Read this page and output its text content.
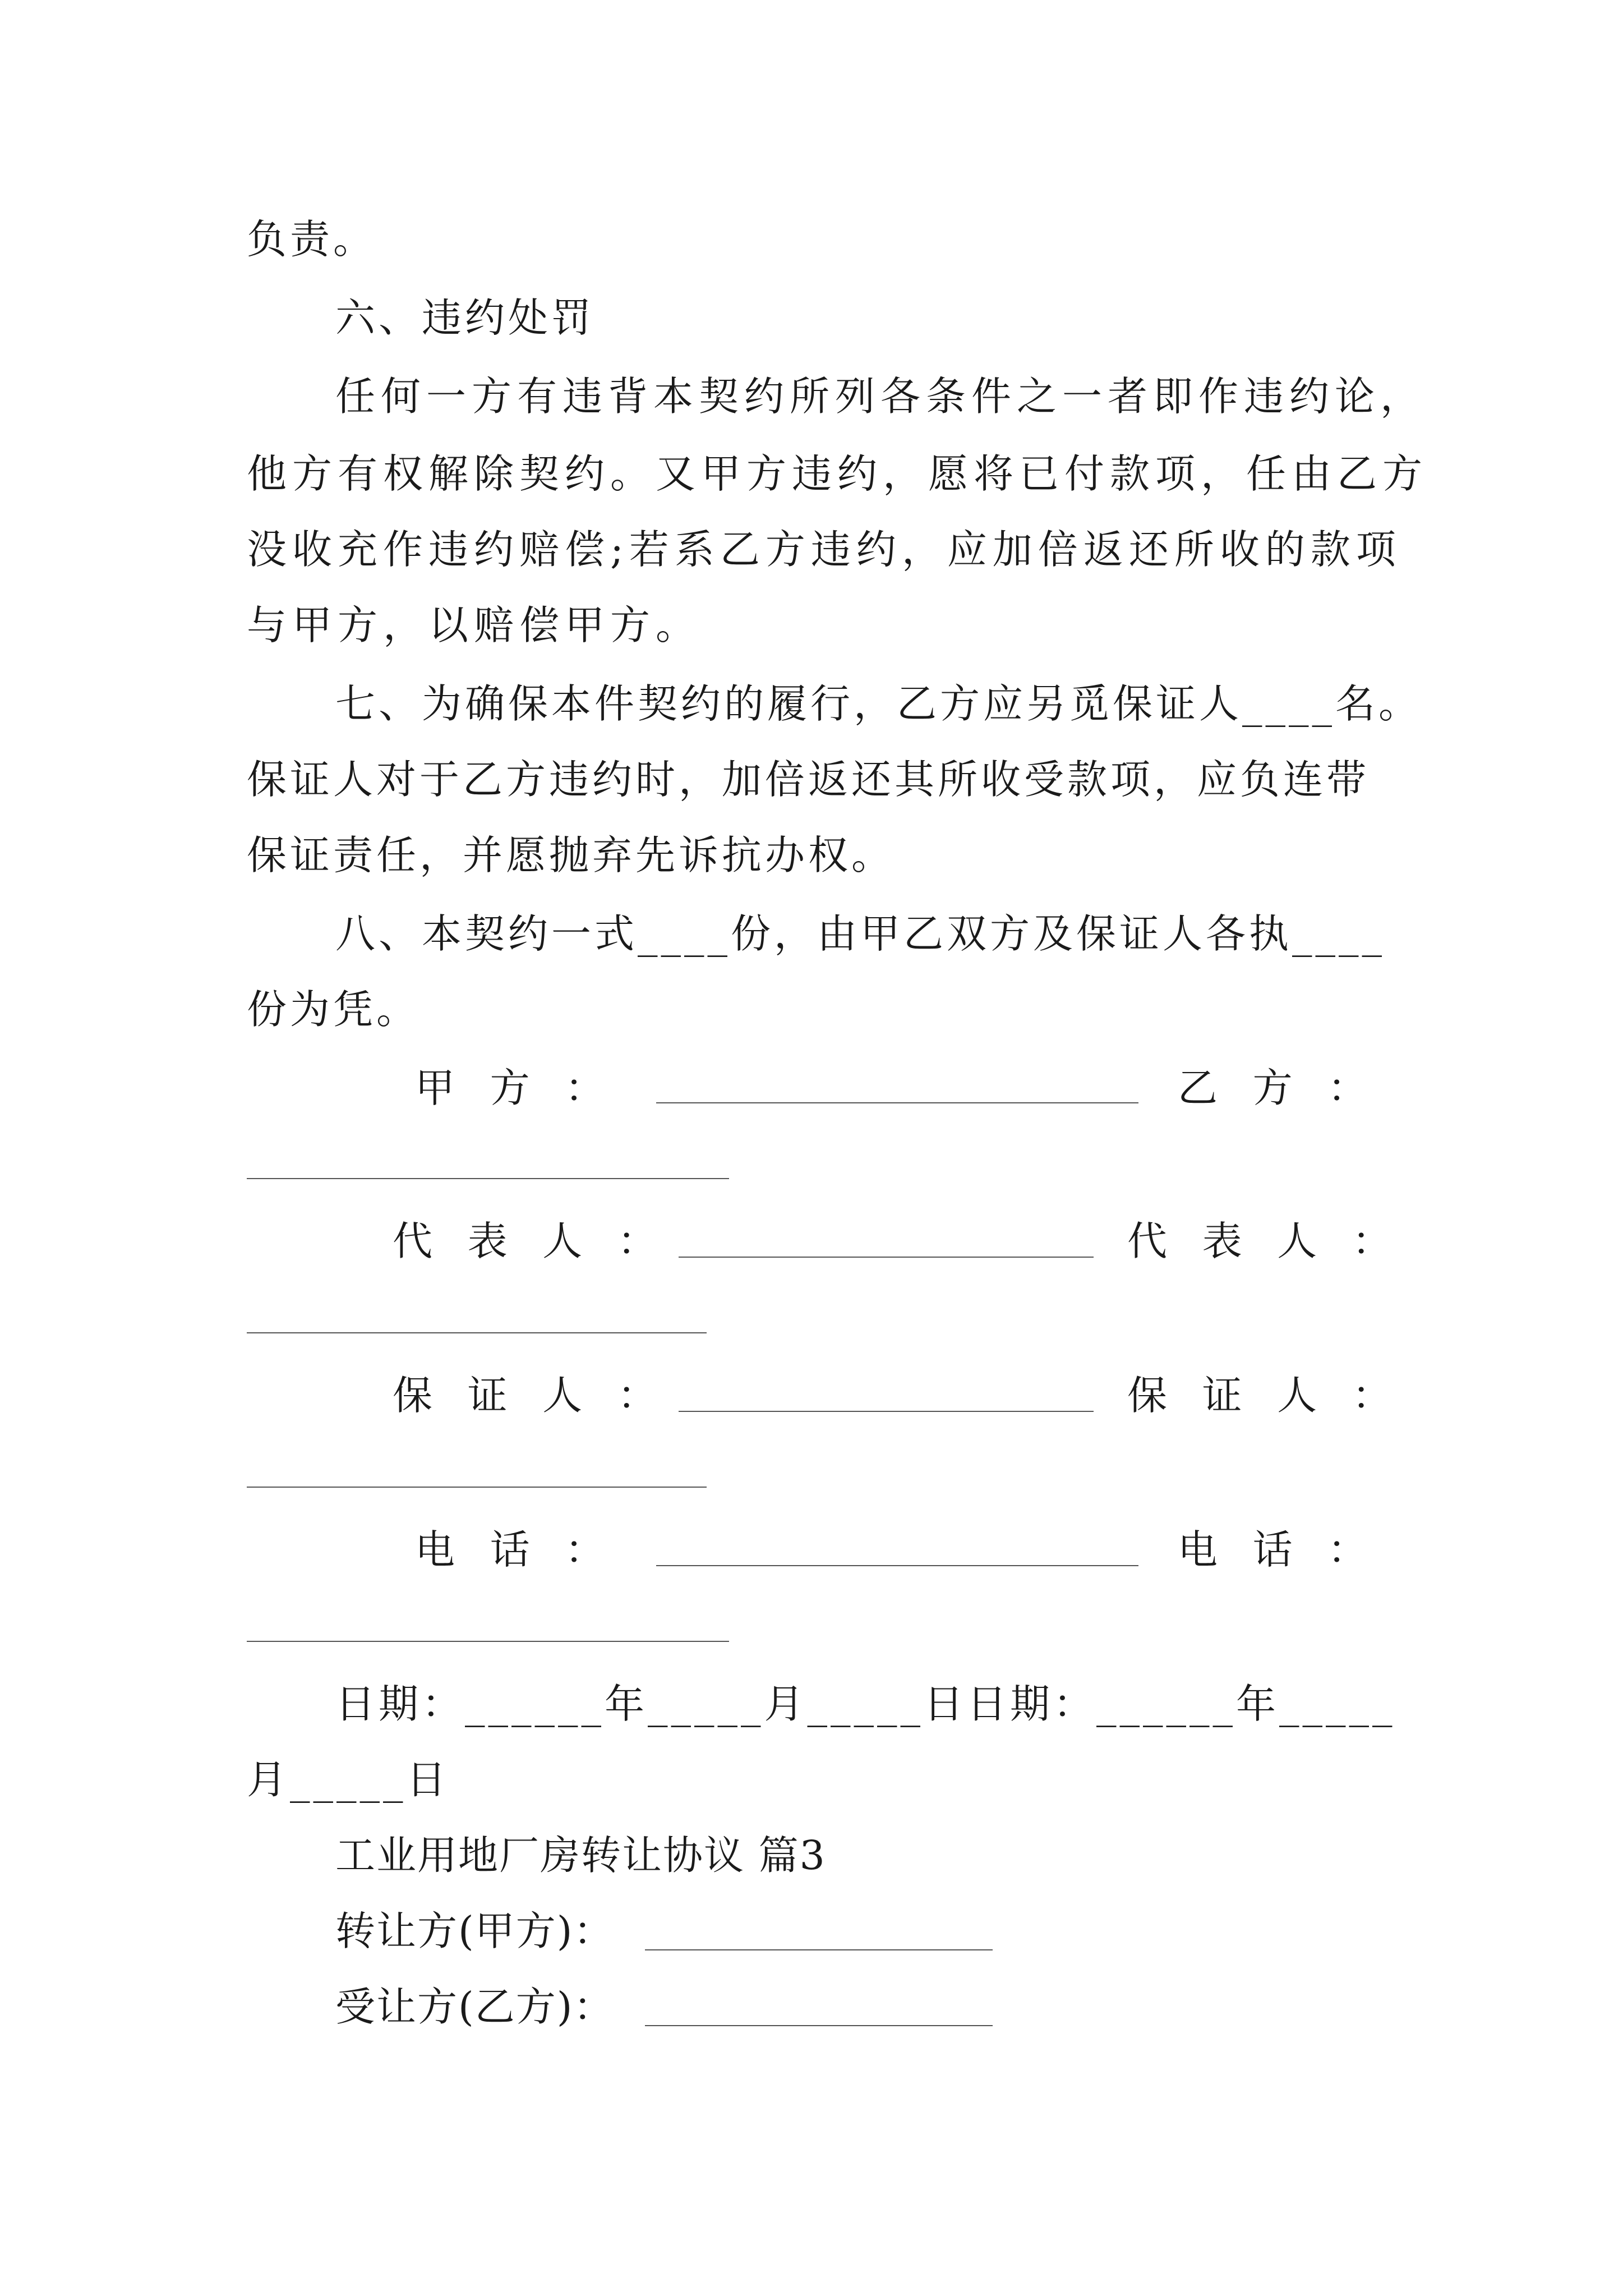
负责。

六、违约处罚

任何一方有违背本契约所列各条件之一者即作违约论，

他方有权解除契约。又甲方违约，愿将已付款项，任由乙方

没收充作违约赔偿;若系乙方违约，应加倍返还所收的款项

与甲方，以赔偿甲方。

七、为确保本件契约的履行，乙方应另觅保证人____名。

保证人对于乙方违约时，加倍返还其所收受款项，应负连带

保证责任，并愿抛弃先诉抗办权。

八、本契约一式____份，由甲乙双方及保证人各执____

份为凭。

甲 方 ：	乙 方 ：
代 表 人 ：	代 表 人 ：
保 证 人 ：	保 证 人 ：
电 话 ：	电 话 ：

日期：______年_____月_____日日期：______年_____

月_____日

工业用地厂房转让协议 篇3

转让方(甲方)：
受让方(乙方)：
